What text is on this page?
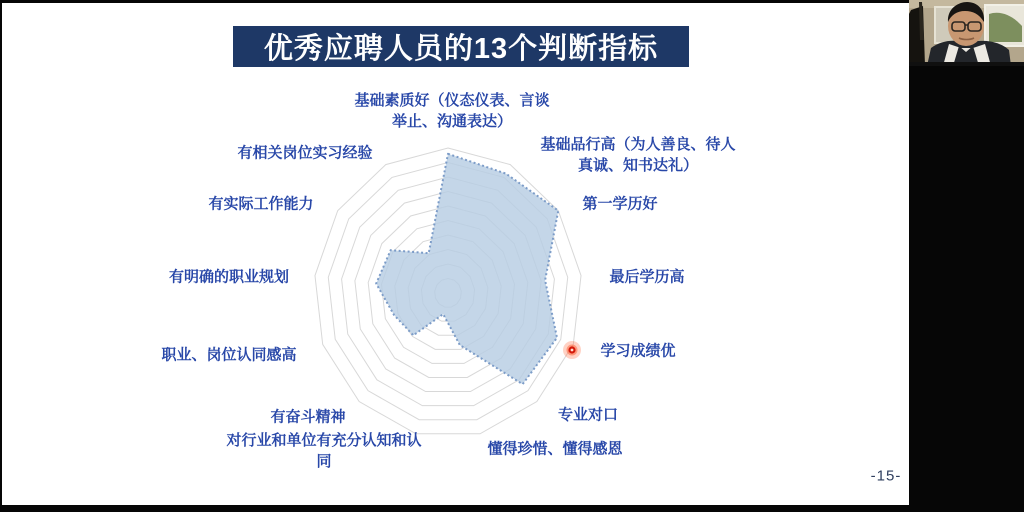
优秀应聘人员的13个判断指标
基础素质好（仪态仪表、言谈
举止、沟通表达）
基础品行高（为人善良、待人
真诚、知书达礼）
第一学历好
最后学历高
学习成绩优
专业对口
懂得珍惜、懂得感恩
对行业和单位有充分认知和认
同
有奋斗精神
职业、岗位认同感高
有明确的职业规划
有实际工作能力
有相关岗位实习经验
-15-
